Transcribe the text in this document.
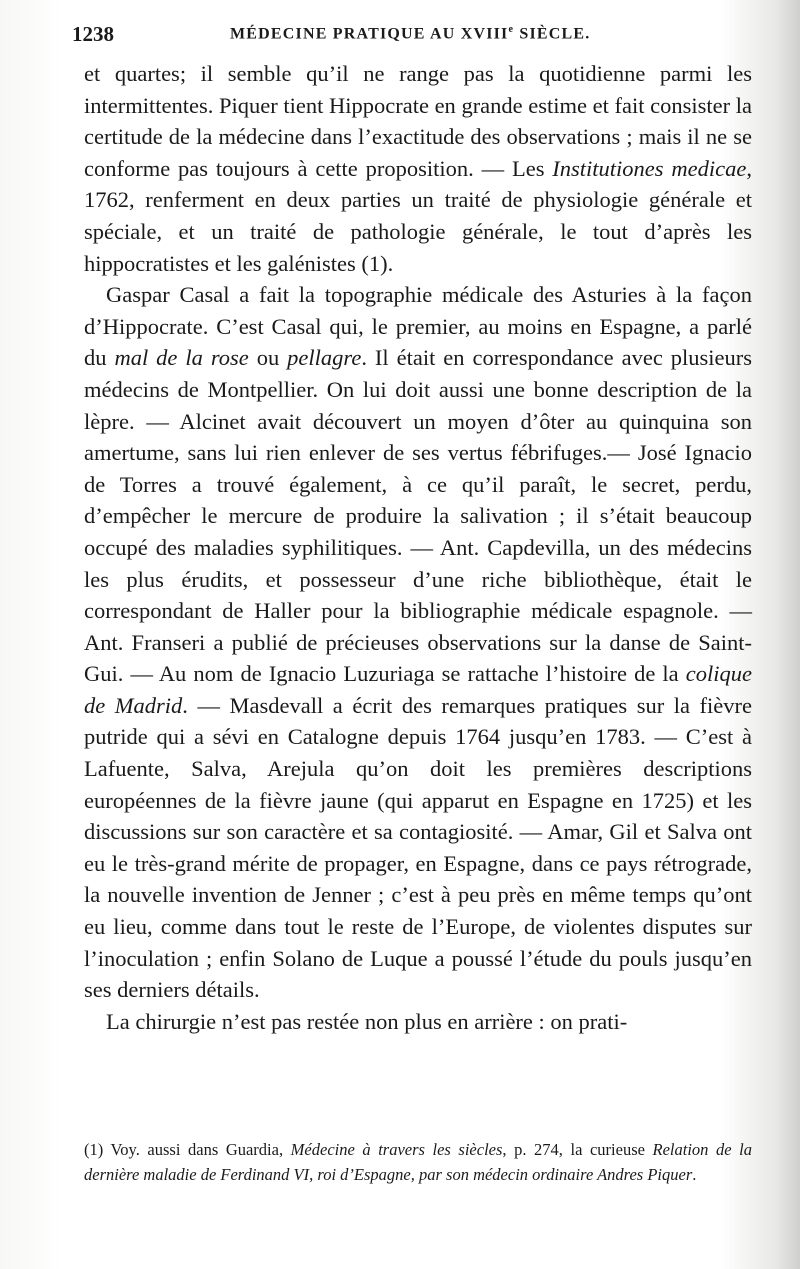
1238	MÉDECINE PRATIQUE AU XVIIIe SIÈCLE.

et quartes; il semble qu’il ne range pas la quotidienne parmi les intermittentes. Piquer tient Hippocrate en grande estime et fait consister la certitude de la médecine dans l’exactitude des observations ; mais il ne se conforme pas toujours à cette proposition. — Les Institutiones medicae, 1762, renferment en deux parties un traité de physiologie générale et spéciale, et un traité de pathologie générale, le tout d’après les hippocratistes et les galénistes (1).

Gaspar Casal a fait la topographie médicale des Asturies à la façon d’Hippocrate. C’est Casal qui, le premier, au moins en Espagne, a parlé du mal de la rose ou pellagre. Il était en correspondance avec plusieurs médecins de Montpellier. On lui doit aussi une bonne description de la lèpre. — Alcinet avait découvert un moyen d’ôter au quinquina son amertume, sans lui rien enlever de ses vertus fébrifuges.— José Ignacio de Torres a trouvé également, à ce qu’il paraît, le secret, perdu, d’empêcher le mercure de produire la salivation ; il s’était beaucoup occupé des maladies syphilitiques. — Ant. Capdevilla, un des médecins les plus érudits, et possesseur d’une riche bibliothèque, était le correspondant de Haller pour la bibliographie médicale espagnole. — Ant. Franseri a publié de précieuses observations sur la danse de Saint-Gui. — Au nom de Ignacio Luzuriaga se rattache l’histoire de la colique de Madrid. — Masdevall a écrit des remarques pratiques sur la fièvre putride qui a sévi en Catalogne depuis 1764 jusqu’en 1783. — C’est à Lafuente, Salva, Arejula qu’on doit les premières descriptions européennes de la fièvre jaune (qui apparut en Espagne en 1725) et les discussions sur son caractère et sa contagiosité. — Amar, Gil et Salva ont eu le très-grand mérite de propager, en Espagne, dans ce pays rétrograde, la nouvelle invention de Jenner ; c’est à peu près en même temps qu’ont eu lieu, comme dans tout le reste de l’Europe, de violentes disputes sur l’inoculation ; enfin Solano de Luque a poussé l’étude du pouls jusqu’en ses derniers détails.

La chirurgie n’est pas restée non plus en arrière : on prati-

(1) Voy. aussi dans Guardia, Médecine à travers les siècles, p. 274, la curieuse Relation de la dernière maladie de Ferdinand VI, roi d’Espagne, par son médecin ordinaire Andres Piquer.
